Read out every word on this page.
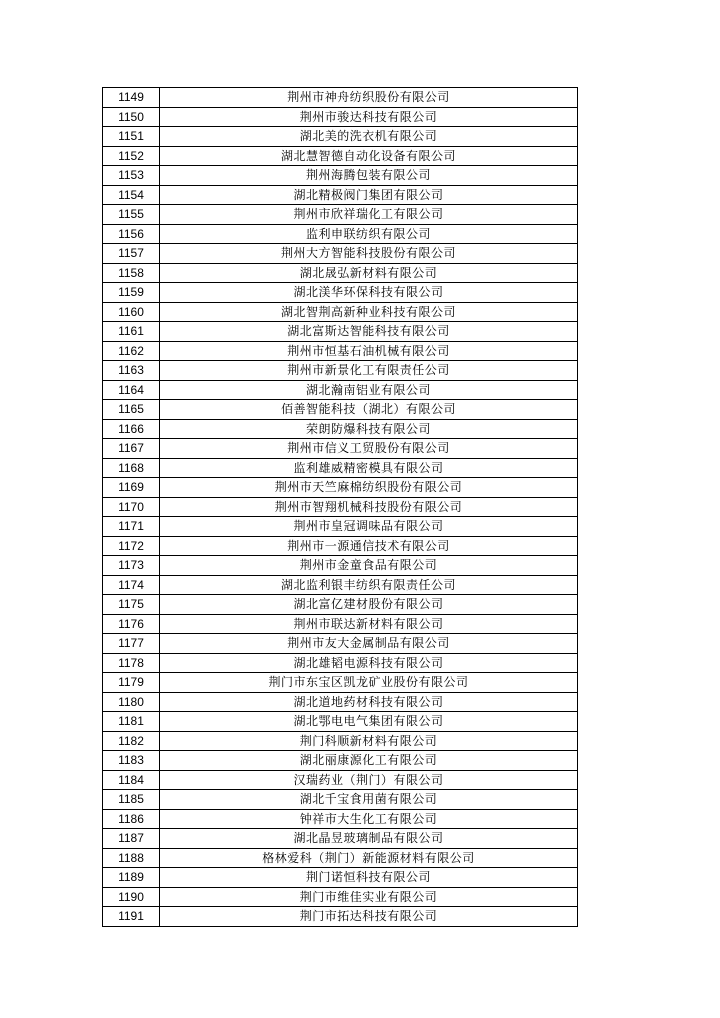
1149	荆州市神舟纺织股份有限公司
1150	荆州市骏达科技有限公司
1151	湖北美的洗衣机有限公司
1152	湖北慧智德自动化设备有限公司
1153	荆州海腾包装有限公司
1154	湖北精极阀门集团有限公司
1155	荆州市欣祥瑞化工有限公司
1156	监利申联纺织有限公司
1157	荆州大方智能科技股份有限公司
1158	湖北晟弘新材料有限公司
1159	湖北渼华环保科技有限公司
1160	湖北智荆高新种业科技有限公司
1161	湖北富斯达智能科技有限公司
1162	荆州市恒基石油机械有限公司
1163	荆州市新景化工有限责任公司
1164	湖北瀚南铝业有限公司
1165	佰善智能科技（湖北）有限公司
1166	荣朗防爆科技有限公司
1167	荆州市信义工贸股份有限公司
1168	监利雄威精密模具有限公司
1169	荆州市天竺麻棉纺织股份有限公司
1170	荆州市智翔机械科技股份有限公司
1171	荆州市皇冠调味品有限公司
1172	荆州市一源通信技术有限公司
1173	荆州市金童食品有限公司
1174	湖北监利银丰纺织有限责任公司
1175	湖北富亿建材股份有限公司
1176	荆州市联达新材料有限公司
1177	荆州市友大金属制品有限公司
1178	湖北雄韬电源科技有限公司
1179	荆门市东宝区凯龙矿业股份有限公司
1180	湖北道地药材科技有限公司
1181	湖北鄂电电气集团有限公司
1182	荆门科顺新材料有限公司
1183	湖北丽康源化工有限公司
1184	汉瑞药业（荆门）有限公司
1185	湖北千宝食用菌有限公司
1186	钟祥市大生化工有限公司
1187	湖北晶昱玻璃制品有限公司
1188	格林爱科（荆门）新能源材料有限公司
1189	荆门诺恒科技有限公司
1190	荆门市维佳实业有限公司
1191	荆门市拓达科技有限公司
